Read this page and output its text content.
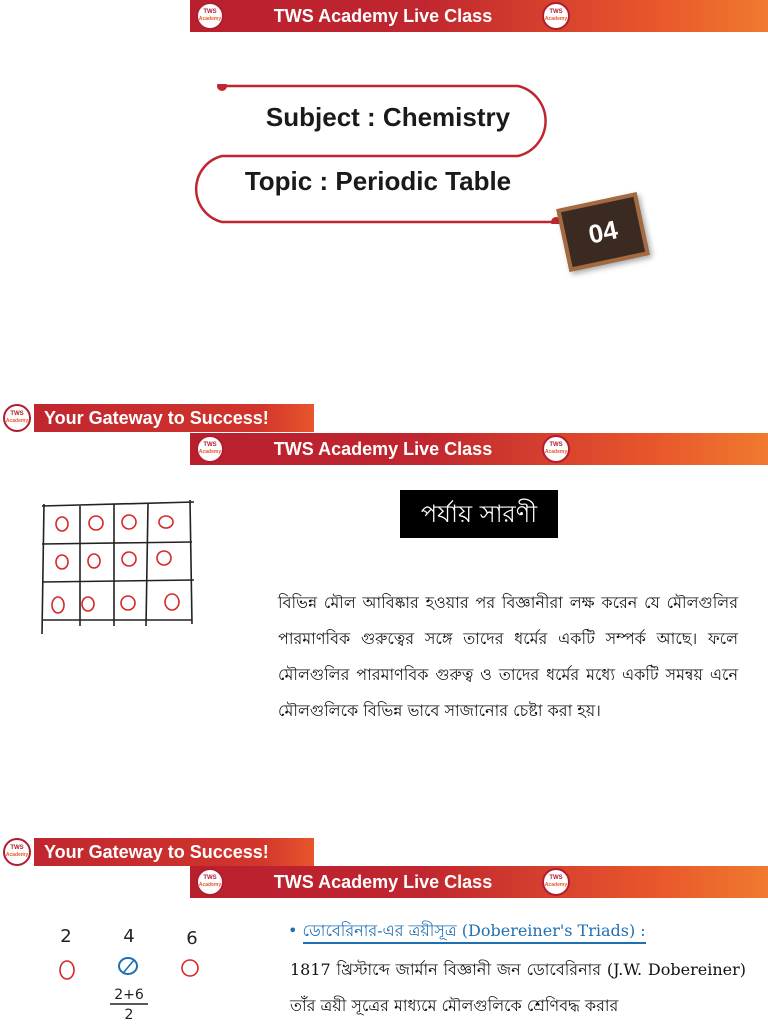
TWS
Academy	TWS Academy Live Class	TWS
Academy
Subject : Chemistry
Topic : Periodic Table
04
TWS
Academy Your Gateway to Success!
TWS
Academy	TWS Academy Live Class	TWS
Academy
পর্যায় সারণী
বিভিন্ন মৌল আবিষ্কার হওয়ার পর বিজ্ঞানীরা লক্ষ করেন যে মৌলগুলির পারমাণবিক গুরুত্বের সঙ্গে তাদের ধর্মের একটি সম্পর্ক আছে। ফলে মৌলগুলির পারমাণবিক গুরুত্ব ও তাদের ধর্মের মধ্যে একটি সমন্বয় এনে মৌলগুলিকে বিভিন্ন ভাবে সাজানোর চেষ্টা করা হয়।
TWS
Academy Your Gateway to Success!
TWS
Academy	TWS Academy Live Class	TWS
Academy
2	4	6
2+6
2
• ডোবেরিনার-এর ত্রয়ীসূত্র (Dobereiner's Triads) :
1817 খ্রিস্টাব্দে জার্মান বিজ্ঞানী জন ডোবেরিনার (J.W. Dobereiner) তাঁর ত্রয়ী সূত্রের মাধ্যমে মৌলগুলিকে শ্রেণিবদ্ধ করার
